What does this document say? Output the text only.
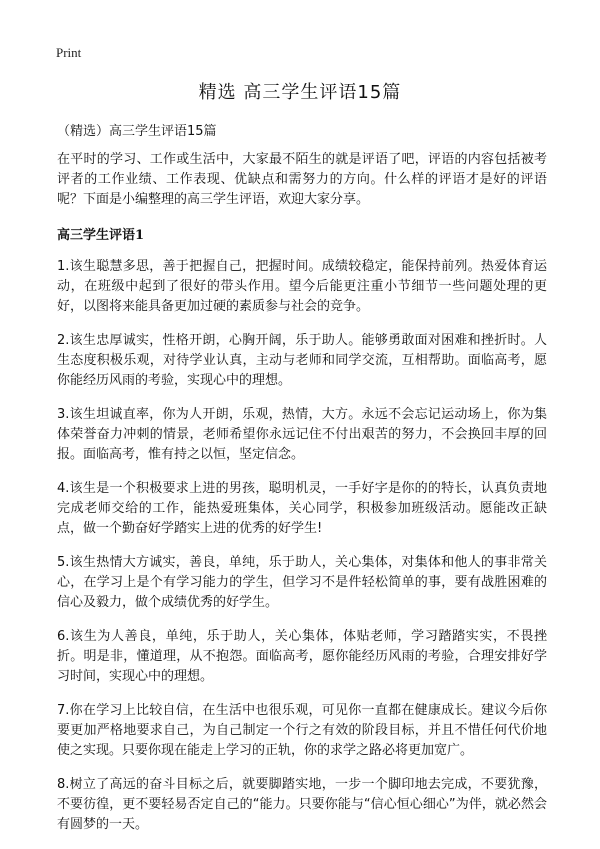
Print
精选 高三学生评语15篇
（精选）高三学生评语15篇

在平时的学习、工作或生活中，大家最不陌生的就是评语了吧，评语的内容包括被考评者的工作业绩、工作表现、优缺点和需努力的方向。什么样的评语才是好的评语呢？下面是小编整理的高三学生评语，欢迎大家分享。

高三学生评语1

1.该生聪慧多思，善于把握自己，把握时间。成绩较稳定，能保持前列。热爱体育运动，在班级中起到了很好的带头作用。望今后能更注重小节细节一些问题处理的更好，以图将来能具备更加过硬的素质参与社会的竞争。

2.该生忠厚诚实，性格开朗，心胸开阔，乐于助人。能够勇敢面对困难和挫折时。人生态度积极乐观，对待学业认真，主动与老师和同学交流，互相帮助。面临高考，愿你能经历风雨的考验，实现心中的理想。

3.该生坦诚直率，你为人开朗，乐观，热情，大方。永远不会忘记运动场上，你为集体荣誉奋力冲刺的情景，老师希望你永远记住不付出艰苦的努力，不会换回丰厚的回报。面临高考，惟有持之以恒，坚定信念。

4.该生是一个积极要求上进的男孩，聪明机灵，一手好字是你的的特长，认真负责地完成老师交给的工作，能热爱班集体，关心同学，积极参加班级活动。愿能改正缺点，做一个勤奋好学踏实上进的优秀的好学生!

5.该生热情大方诚实，善良，单纯，乐于助人，关心集体，对集体和他人的事非常关心，在学习上是个有学习能力的学生，但学习不是件轻松简单的事，要有战胜困难的信心及毅力，做个成绩优秀的好学生。

6.该生为人善良，单纯，乐于助人，关心集体，体贴老师，学习踏踏实实，不畏挫折。明是非，懂道理，从不抱怨。面临高考，愿你能经历风雨的考验，合理安排好学习时间，实现心中的理想。

7.你在学习上比较自信，在生活中也很乐观，可见你一直都在健康成长。建议今后你要更加严格地要求自己，为自己制定一个行之有效的阶段目标，并且不惜任何代价地使之实现。只要你现在能走上学习的正轨，你的求学之路必将更加宽广。

8.树立了高远的奋斗目标之后，就要脚踏实地，一步一个脚印地去完成，不要犹豫，不要彷徨，更不要轻易否定自己的“能力。只要你能与“信心恒心细心”为伴，就必然会有圆梦的一天。
